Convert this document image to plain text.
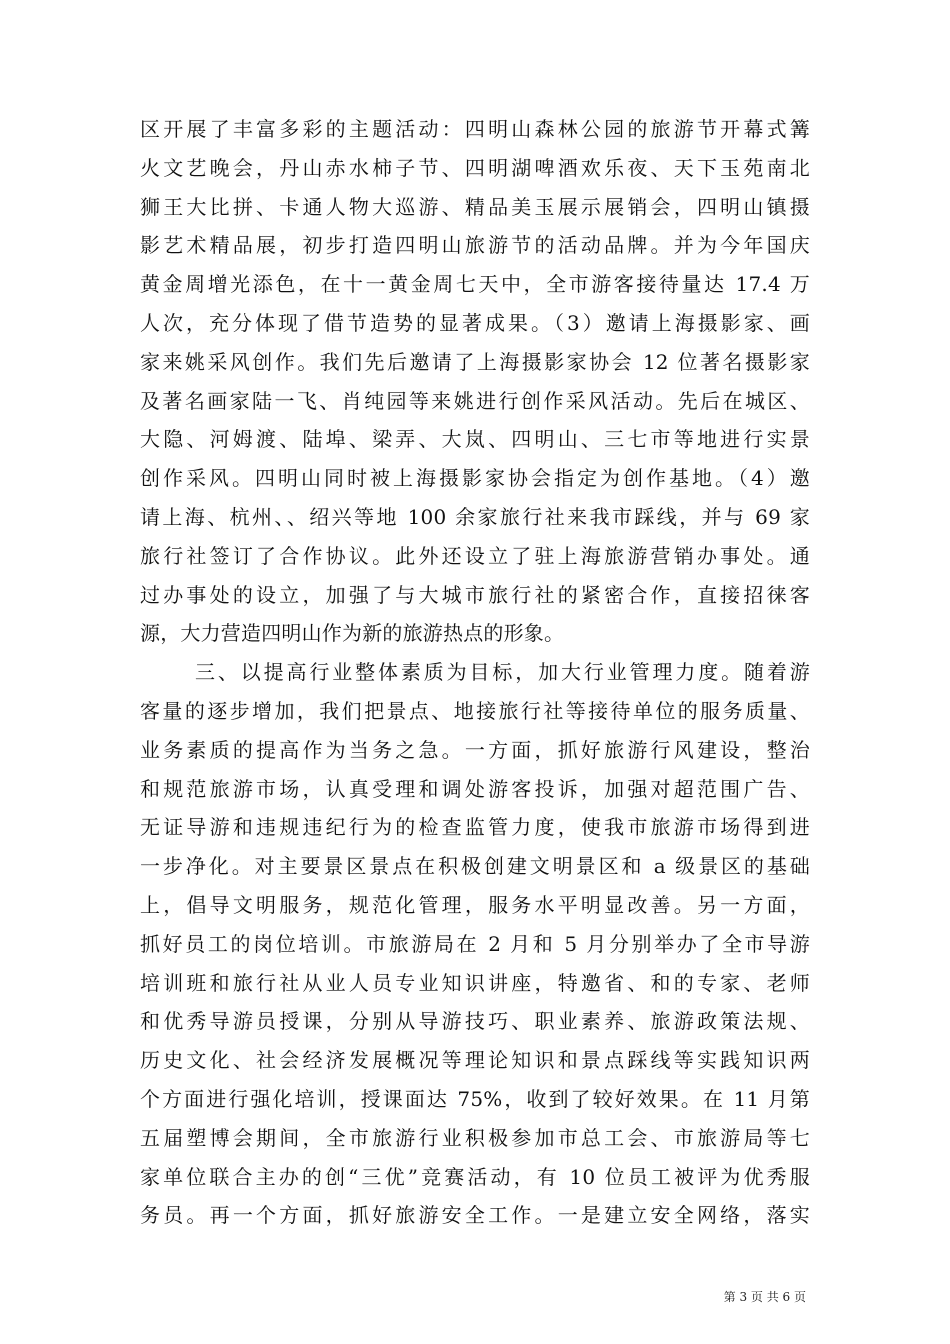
区开展了丰富多彩的主题活动：四明山森林公园的旅游节开幕式篝
火文艺晚会，丹山赤水柿子节、四明湖啤酒欢乐夜、天下玉苑南北
狮王大比拼、卡通人物大巡游、精品美玉展示展销会，四明山镇摄
影艺术精品展，初步打造四明山旅游节的活动品牌。并为今年国庆
黄金周增光添色，在十一黄金周七天中，全市游客接待量达 17.4 万
人次，充分体现了借节造势的显著成果。（3）邀请上海摄影家、画
家来姚采风创作。我们先后邀请了上海摄影家协会 12 位著名摄影家
及著名画家陆一飞、肖纯园等来姚进行创作采风活动。先后在城区、
大隐、河姆渡、陆埠、梁弄、大岚、四明山、三七市等地进行实景
创作采风。四明山同时被上海摄影家协会指定为创作基地。（4）邀
请上海、杭州、、绍兴等地 100 余家旅行社来我市踩线，并与 69 家
旅行社签订了合作协议。此外还设立了驻上海旅游营销办事处。通
过办事处的设立，加强了与大城市旅行社的紧密合作，直接招徕客
源，大力营造四明山作为新的旅游热点的形象。
三、以提高行业整体素质为目标，加大行业管理力度。随着游
客量的逐步增加，我们把景点、地接旅行社等接待单位的服务质量、
业务素质的提高作为当务之急。一方面，抓好旅游行风建设，整治
和规范旅游市场，认真受理和调处游客投诉，加强对超范围广告、
无证导游和违规违纪行为的检查监管力度，使我市旅游市场得到进
一步净化。对主要景区景点在积极创建文明景区和 a 级景区的基础
上，倡导文明服务，规范化管理，服务水平明显改善。另一方面，
抓好员工的岗位培训。市旅游局在 2 月和 5 月分别举办了全市导游
培训班和旅行社从业人员专业知识讲座，特邀省、和的专家、老师
和优秀导游员授课，分别从导游技巧、职业素养、旅游政策法规、
历史文化、社会经济发展概况等理论知识和景点踩线等实践知识两
个方面进行强化培训，授课面达 75%，收到了较好效果。在 11 月第
五届塑博会期间，全市旅游行业积极参加市总工会、市旅游局等七
家单位联合主办的创“三优”竞赛活动，有 10 位员工被评为优秀服
务员。再一个方面，抓好旅游安全工作。一是建立安全网络，落实
第 3 页 共 6 页
